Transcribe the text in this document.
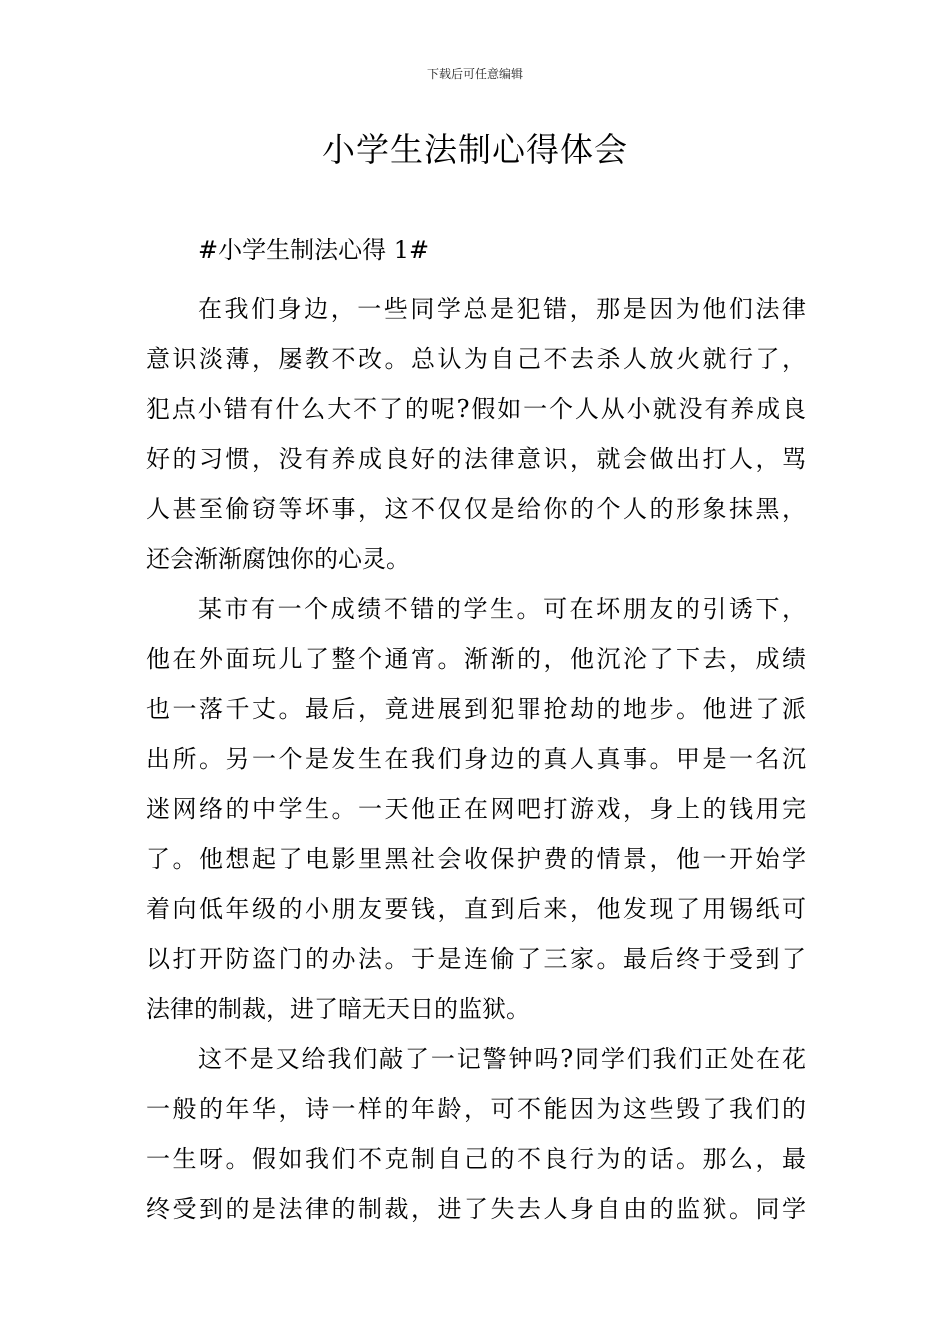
下载后可任意编辑
小学生法制心得体会
#小学生制法心得 1#
在我们身边，一些同学总是犯错，那是因为他们法律
意识淡薄，屡教不改。总认为自己不去杀人放火就行了，
犯点小错有什么大不了的呢?假如一个人从小就没有养成良
好的习惯，没有养成良好的法律意识，就会做出打人，骂
人甚至偷窃等坏事，这不仅仅是给你的个人的形象抹黑，
还会渐渐腐蚀你的心灵。
某市有一个成绩不错的学生。可在坏朋友的引诱下，
他在外面玩儿了整个通宵。渐渐的，他沉沦了下去，成绩
也一落千丈。最后，竟进展到犯罪抢劫的地步。他进了派
出所。另一个是发生在我们身边的真人真事。甲是一名沉
迷网络的中学生。一天他正在网吧打游戏，身上的钱用完
了。他想起了电影里黑社会收保护费的情景，他一开始学
着向低年级的小朋友要钱，直到后来，他发现了用锡纸可
以打开防盗门的办法。于是连偷了三家。最后终于受到了
法律的制裁，进了暗无天日的监狱。
这不是又给我们敲了一记警钟吗?同学们我们正处在花
一般的年华，诗一样的年龄，可不能因为这些毁了我们的
一生呀。假如我们不克制自己的不良行为的话。那么，最
终受到的是法律的制裁，进了失去人身自由的监狱。同学
